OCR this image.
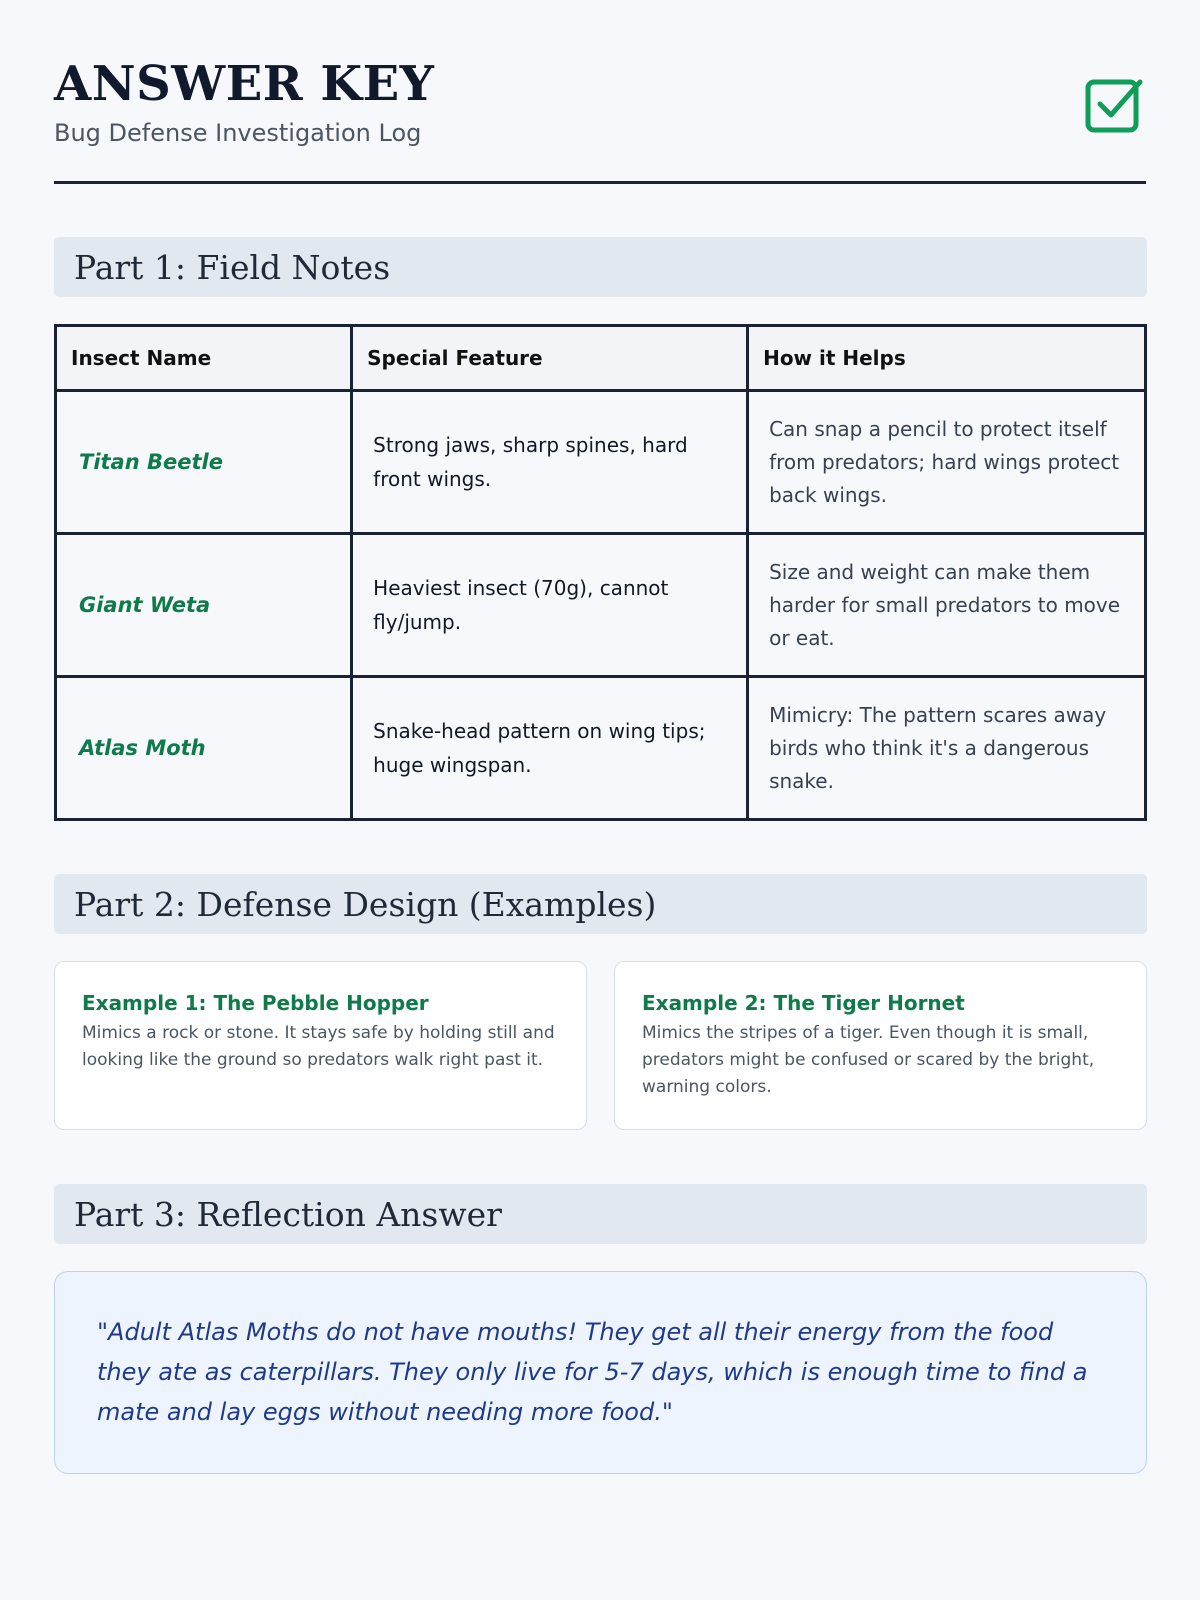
ANSWER KEY
Bug Defense Investigation Log
Part 1: Field Notes
Insect Name	Special Feature	How it Helps
Titan Beetle	Strong jaws, sharp spines, hard front wings.	Can snap a pencil to protect itself from predators; hard wings protect back wings.
Giant Weta	Heaviest insect (70g), cannot fly/jump.	Size and weight can make them harder for small predators to move or eat.
Atlas Moth	Snake-head pattern on wing tips; huge wingspan.	Mimicry: The pattern scares away birds who think it's a dangerous snake.
Part 2: Defense Design (Examples)
Example 1: The Pebble Hopper
Mimics a rock or stone. It stays safe by holding still and looking like the ground so predators walk right past it.
Example 2: The Tiger Hornet
Mimics the stripes of a tiger. Even though it is small, predators might be confused or scared by the bright, warning colors.
Part 3: Reflection Answer

"Adult Atlas Moths do not have mouths! They get all their energy from the food they ate as caterpillars. They only live for 5-7 days, which is enough time to find a mate and lay eggs without needing more food."
